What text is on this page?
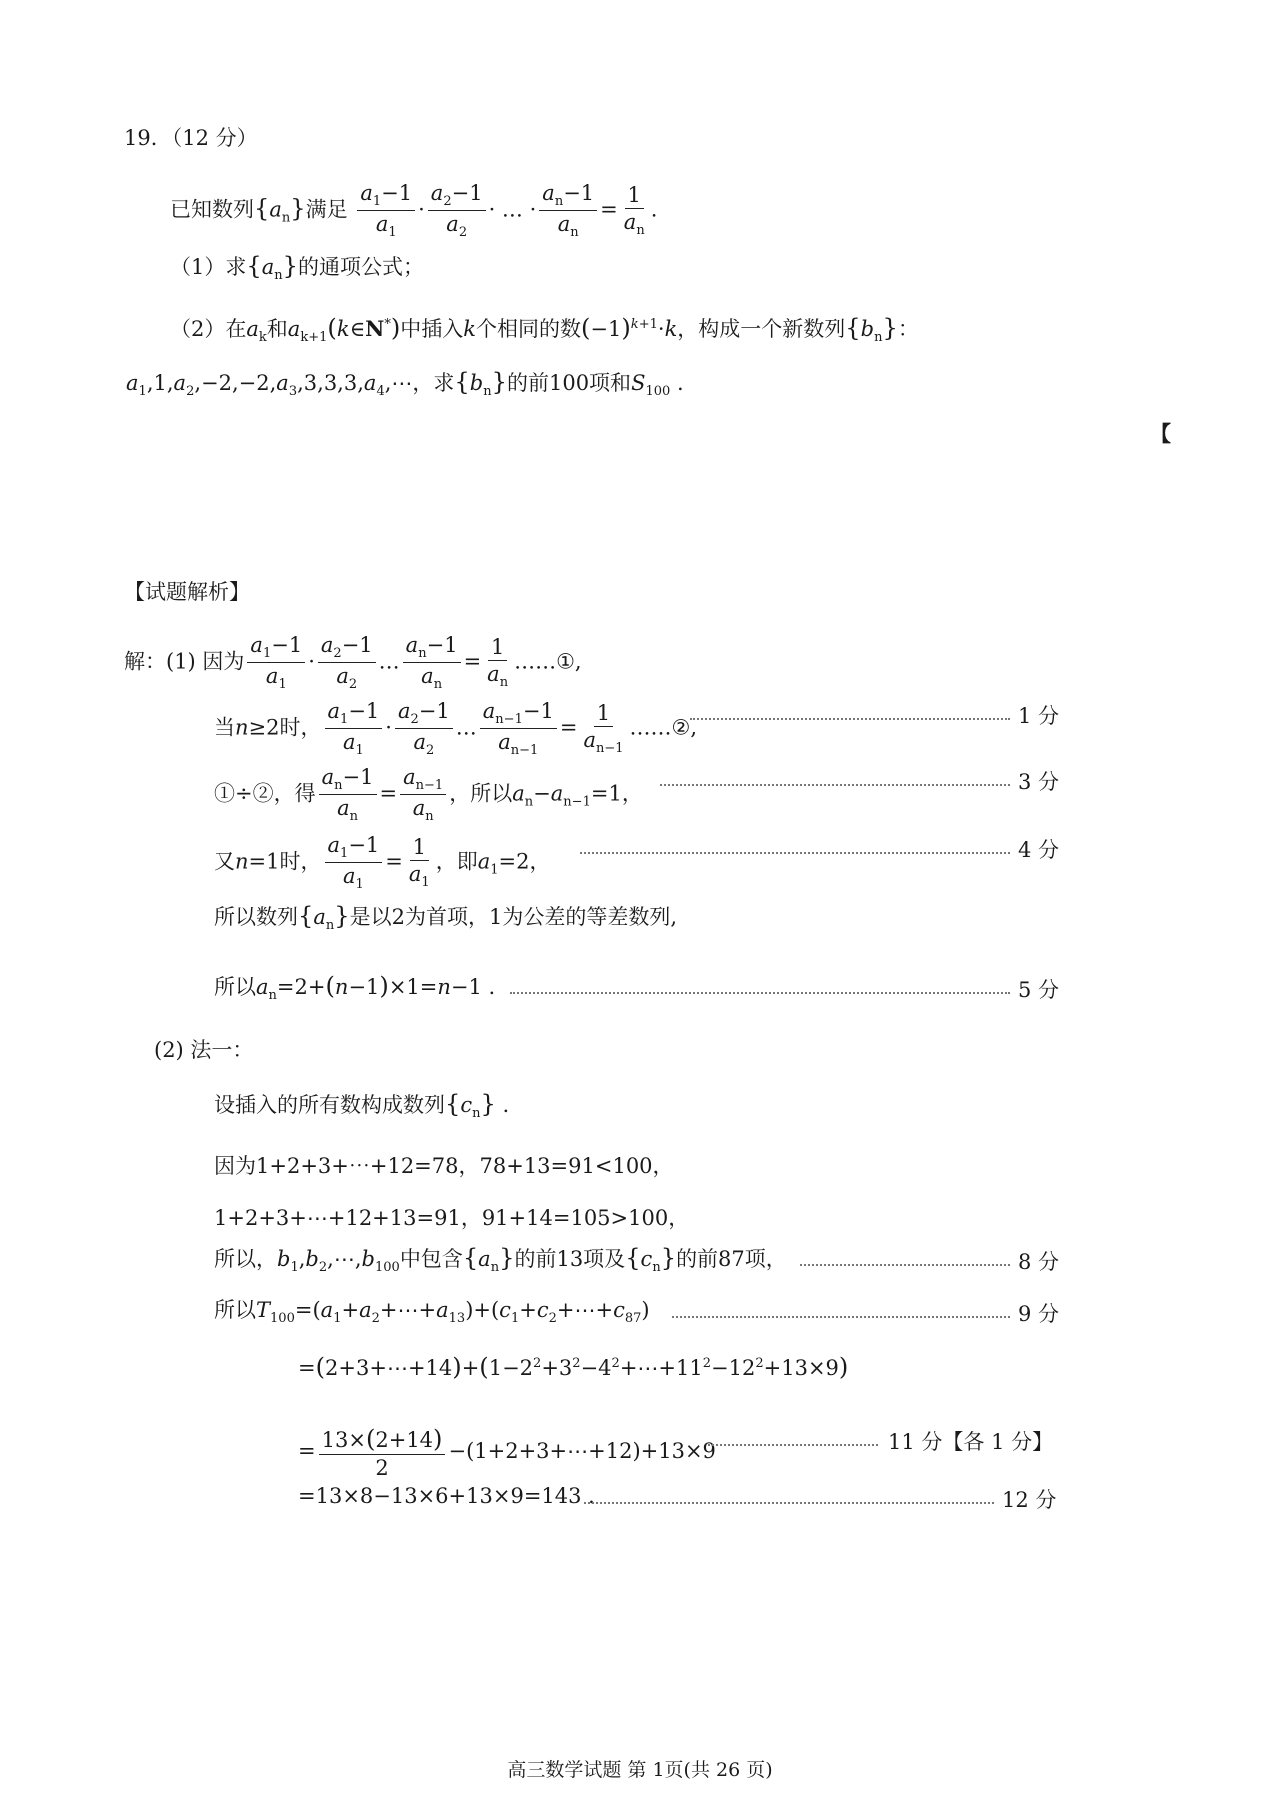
19．（12 分）
已知数列$\{a_n\}$满足 $\frac{a_1-1}{a_1} \cdot \frac{a_2-1}{a_2}$ · … · $\frac{a_n-1}{a_n} = \frac{1}{a_n}$ .
（1）求$\{a_n\}$的通项公式；
（2）在$a_k$和$a_{k+1}(k\in N^*)$中插入k个相同的数$(-1)^{k+1}\cdot k$，构成一个新数列$\{b_n\}$：
$a_1,1,a_2,-2,-2,a_3,3,3,3,a_4,\cdots$，求$\{b_n\}$的前100项和$S_{100}$ .
【
【试题解析】
解：(1) 因为 $\frac{a_1-1}{a_1} \cdot \frac{a_2-1}{a_2}$ … $\frac{a_n-1}{a_n} = \frac{1}{a_n}$ ……①,
当n≥2时， $\frac{a_1-1}{a_1} \cdot \frac{a_2-1}{a_2}$ … $\frac{a_{n-1}-1}{a_{n-1}} = \frac{1}{a_{n-1}}$ ……②,	1 分
①÷②，得 $\frac{a_n-1}{a_n} = \frac{a_{n-1}}{a_n}$ ，所以$a_n-a_{n-1}=1$，	3 分
又n=1时， $\frac{a_1-1}{a_1} = \frac{1}{a_1}$ ，即$a_1=2$，	4 分
所以数列$\{a_n\}$是以2为首项，1为公差的等差数列,
所以$a_n=2+(n-1)\times 1=n-1$ .	5 分
(2) 法一：
设插入的所有数构成数列$\{c_n\}$ .
因为1+2+3+⋯+12=78，78+13=91<100，
1+2+3+⋯+12+13=91，91+14=105>100，
所以，$b_1,b_2,\cdots,b_{100}$中包含$\{a_n\}$的前13项及$\{c_n\}$的前87项，	8 分
所以$T_{100}=(a_1+a_2+\cdots+a_{13})+(c_1+c_2+\cdots+c_{87})$	9 分
$=(2+3+\cdots+14)+(1-2^2+3^2-4^2+\cdots+11^2-12^2+13\times 9)$
= $\frac{13\times(2+14)}{2}$ −(1+2+3+⋯+12)+13×9	11 分【各 1 分】
=13×8−13×6+13×9=143 .	12 分
高三数学试题 第 1页(共 26 页)
